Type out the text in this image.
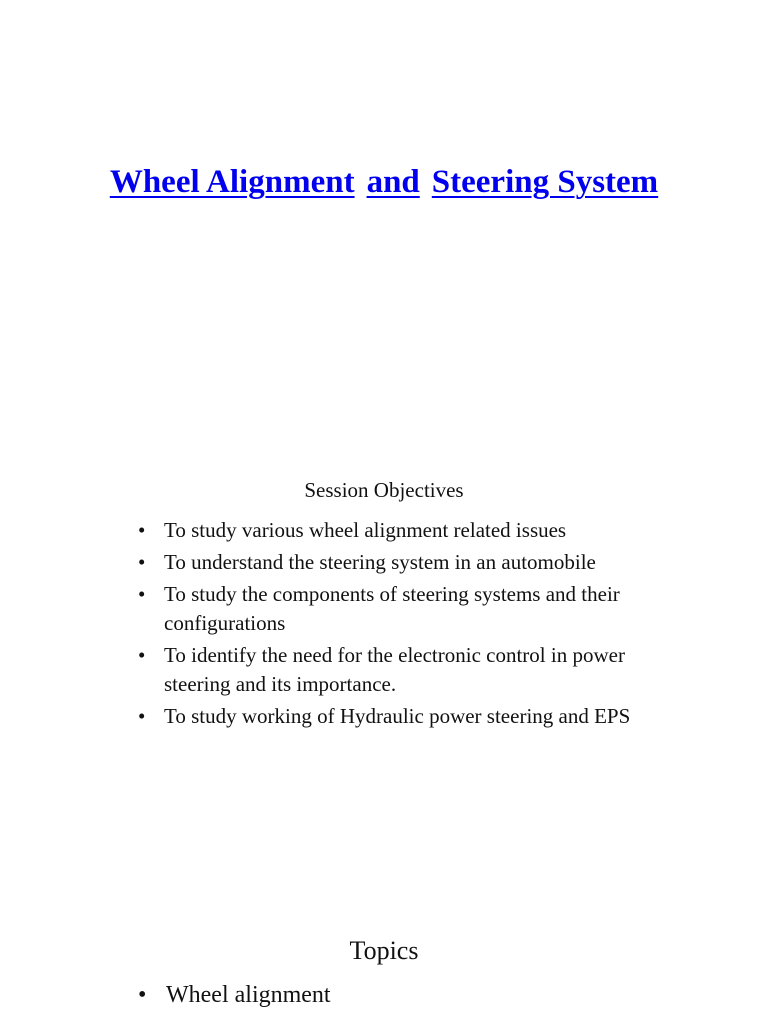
Wheel Alignment and Steering System
Session Objectives
• To study various wheel alignment related issues
• To understand the steering system in an automobile
• To study the components of steering systems and their configurations
• To identify the need for the electronic control in power steering and its importance.
• To study working of Hydraulic power steering and EPS
Topics
• Wheel alignment
